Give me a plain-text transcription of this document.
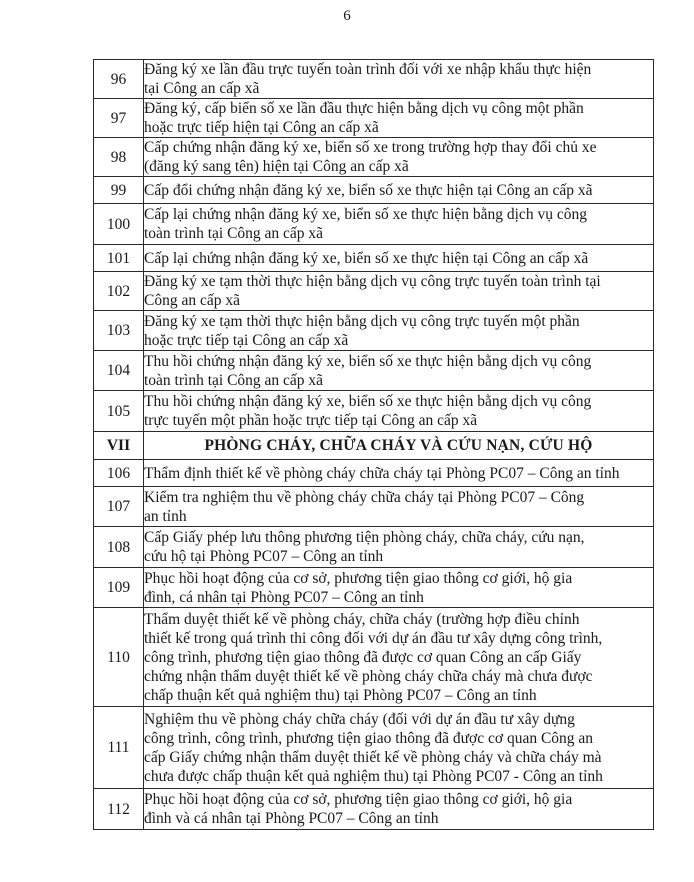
6
96	Đăng ký xe lần đầu trực tuyến toàn trình đối với xe nhập khẩu thực hiện
tại Công an cấp xã

97	Đăng ký, cấp biển số xe lần đầu thực hiện bằng dịch vụ công một phần
hoặc trực tiếp hiện tại Công an cấp xã

98	Cấp chứng nhận đăng ký xe, biển số xe trong trường hợp thay đổi chủ xe
(đăng ký sang tên) hiện tại Công an cấp xã

99	Cấp đổi chứng nhận đăng ký xe, biển số xe thực hiện tại Công an cấp xã

100	Cấp lại chứng nhận đăng ký xe, biển số xe thực hiện bằng dịch vụ công
toàn trình tại Công an cấp xã

101	Cấp lại chứng nhận đăng ký xe, biển số xe thực hiện tại Công an cấp xã

102	Đăng ký xe tạm thời thực hiện bằng dịch vụ công trực tuyến toàn trình tại
Công an cấp xã

103	Đăng ký xe tạm thời thực hiện bằng dịch vụ công trực tuyến một phần
hoặc trực tiếp tại Công an cấp xã

104	Thu hồi chứng nhận đăng ký xe, biển số xe thực hiện bằng dịch vụ công
toàn trình tại Công an cấp xã

105	Thu hồi chứng nhận đăng ký xe, biển số xe thực hiện bằng dịch vụ công
trực tuyến một phần hoặc trực tiếp tại Công an cấp xã

VII	PHÒNG CHÁY, CHỮA CHÁY VÀ CỨU NẠN, CỨU HỘ

106	Thẩm định thiết kế về phòng cháy chữa cháy tại Phòng PC07 – Công an tỉnh

107	Kiểm tra nghiệm thu về phòng cháy chữa cháy tại Phòng PC07 – Công
an tỉnh

108	Cấp Giấy phép lưu thông phương tiện phòng cháy, chữa cháy, cứu nạn,
cứu hộ tại Phòng PC07 – Công an tỉnh

109	Phục hồi hoạt động của cơ sở, phương tiện giao thông cơ giới, hộ gia
đình, cá nhân tại Phòng PC07 – Công an tỉnh

110	Thẩm duyệt thiết kế về phòng cháy, chữa cháy (trường hợp điều chỉnh
thiết kế trong quá trình thi công đối với dự án đầu tư xây dựng công trình,
công trình, phương tiện giao thông đã được cơ quan Công an cấp Giấy
chứng nhận thẩm duyệt thiết kế về phòng cháy chữa cháy mà chưa được
chấp thuận kết quả nghiệm thu) tại Phòng PC07 – Công an tỉnh

111	Nghiệm thu về phòng cháy chữa cháy (đối với dự án đầu tư xây dựng
công trình, công trình, phương tiện giao thông đã được cơ quan Công an
cấp Giấy chứng nhận thẩm duyệt thiết kế về phòng cháy và chữa cháy mà
chưa được chấp thuận kết quả nghiệm thu) tại Phòng PC07 - Công an tỉnh

112	Phục hồi hoạt động của cơ sở, phương tiện giao thông cơ giới, hộ gia
đình và cá nhân tại Phòng PC07 – Công an tỉnh
